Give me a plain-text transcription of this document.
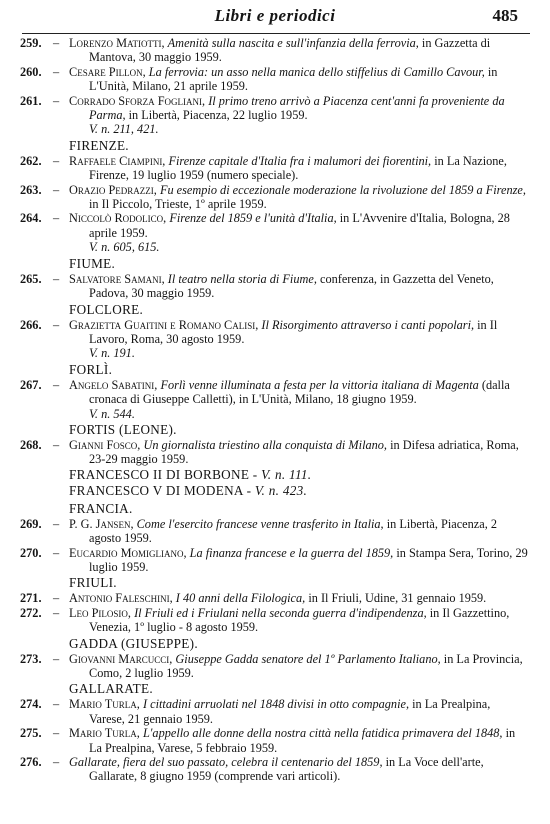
Libri e periodici	485
259. – Lorenzo Matiotti, Amenità sulla nascita e sull'infanzia della ferrovia, in Gazzetta di Mantova, 30 maggio 1959.
260. – Cesare Pillon, La ferrovia: un asso nella manica dello stiffelius di Camillo Cavour, in L'Unità, Milano, 21 aprile 1959.
261. – Corrado Sforza Fogliani, Il primo treno arrivò a Piacenza cent'anni fa proveniente da Parma, in Libertà, Piacenza, 22 luglio 1959.
V. n. 211, 421.
FIRENZE.
262. – Raffaele Ciampini, Firenze capitale d'Italia fra i malumori dei fiorentini, in La Nazione, Firenze, 19 luglio 1959 (numero speciale).
263. – Orazio Pedrazzi, Fu esempio di eccezionale moderazione la rivoluzione del 1859 a Firenze, in Il Piccolo, Trieste, 1º aprile 1959.
264. – Niccolò Rodolico, Firenze del 1859 e l'unità d'Italia, in L'Avvenire d'Italia, Bologna, 28 aprile 1959.
V. n. 605, 615.
FIUME.
265. – Salvatore Samani, Il teatro nella storia di Fiume, conferenza, in Gazzetta del Veneto, Padova, 30 maggio 1959.
FOLCLORE.
266. – Grazietta Guaitini e Romano Calisi, Il Risorgimento attraverso i canti popolari, in Il Lavoro, Roma, 30 agosto 1959.
V. n. 191.
FORLÌ.
267. – Angelo Sabatini, Forlì venne illuminata a festa per la vittoria italiana di Magenta (dalla cronaca di Giuseppe Calletti), in L'Unità, Milano, 18 giugno 1959.
V. n. 544.
FORTIS (LEONE).
268. – Gianni Fosco, Un giornalista triestino alla conquista di Milano, in Difesa adriatica, Roma, 23-29 maggio 1959.
FRANCESCO II DI BORBONE - V. n. 111.
FRANCESCO V DI MODENA - V. n. 423.
FRANCIA.
269. – P. G. Jansen, Come l'esercito francese venne trasferito in Italia, in Libertà, Piacenza, 2 agosto 1959.
270. – Eucardio Momigliano, La finanza francese e la guerra del 1859, in Stampa Sera, Torino, 29 luglio 1959.
FRIULI.
271. – Antonio Faleschini, I 40 anni della Filologica, in Il Friuli, Udine, 31 gennaio 1959.
272. – Leo Pilosio, Il Friuli ed i Friulani nella seconda guerra d'indipendenza, in Il Gazzettino, Venezia, 1º luglio - 8 agosto 1959.
GADDA (GIUSEPPE).
273. – Giovanni Marcucci, Giuseppe Gadda senatore del 1º Parlamento Italiano, in La Provincia, Como, 2 luglio 1959.
GALLARATE.
274. – Mario Turla, I cittadini arruolati nel 1848 divisi in otto compagnie, in La Prealpina, Varese, 21 gennaio 1959.
275. – Mario Turla, L'appello alle donne della nostra città nella fatidica primavera del 1848, in La Prealpina, Varese, 5 febbraio 1959.
276. – Gallarate, fiera del suo passato, celebra il centenario del 1859, in La Voce dell'arte, Gallarate, 8 giugno 1959 (comprende vari articoli).
